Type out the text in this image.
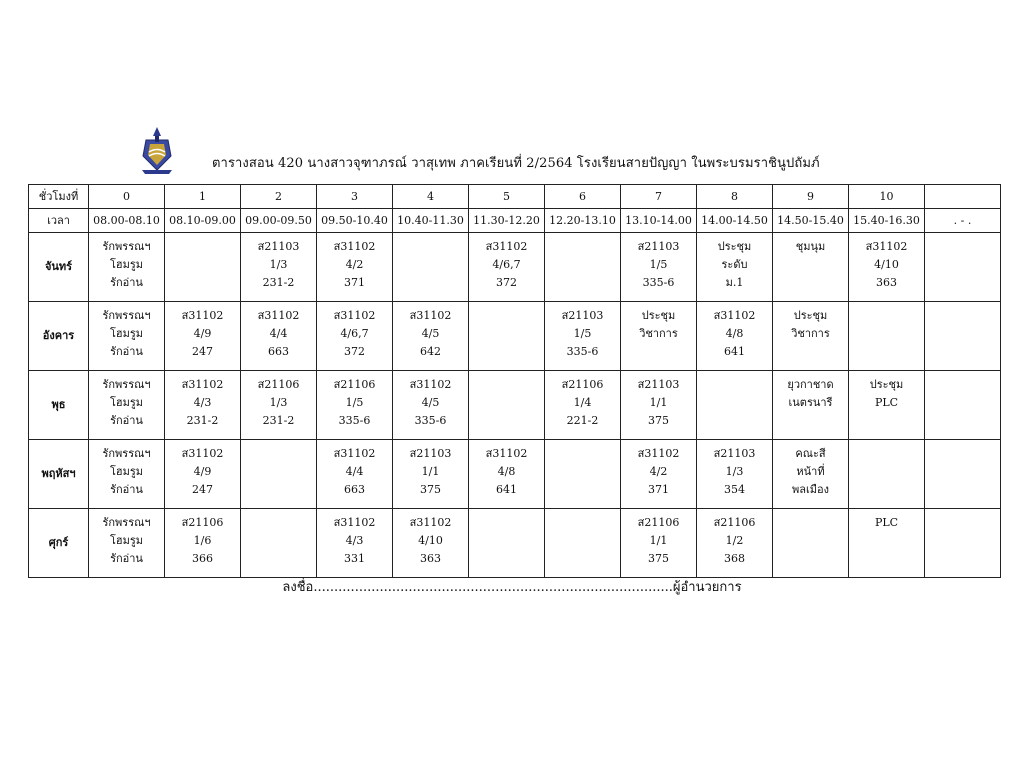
ตารางสอน 420 นางสาวจุฑาภรณ์ วาสุเทพ ภาคเรียนที่ 2/2564 โรงเรียนสายปัญญา ในพระบรมราชินูปถัมภ์
ชั่วโมงที่	0	1	2	3	4	5	6	7	8	9	10	
เวลา	08.00-08.10	08.10-09.00	09.00-09.50	09.50-10.40	10.40-11.30	11.30-12.20	12.20-13.10	13.10-14.00	14.00-14.50	14.50-15.40	15.40-16.30	. - .
จันทร์	รักพรรณฯ
โฮมรูม
รักอ่าน		ส21103
1/3
231-2	ส31102
4/2
371		ส31102
4/6,7
372		ส21103
1/5
335-6	ประชุม
ระดับ
ม.1	ชุมนุม	ส31102
4/10
363	

อังคาร	รักพรรณฯ
โฮมรูม
รักอ่าน	ส31102
4/9
247	ส31102
4/4
663	ส31102
4/6,7
372	ส31102
4/5
642		ส21103
1/5
335-6	ประชุม
วิชาการ	ส31102
4/8
641	ประชุม
วิชาการ		

พุธ	รักพรรณฯ
โฮมรูม
รักอ่าน	ส31102
4/3
231-2	ส21106
1/3
231-2	ส21106
1/5
335-6	ส31102
4/5
335-6		ส21106
1/4
221-2	ส21103
1/1
375		ยุวกาชาด
เนตรนารี	ประชุม
PLC	

พฤหัสฯ	รักพรรณฯ
โฮมรูม
รักอ่าน	ส31102
4/9
247		ส31102
4/4
663	ส21103
1/1
375	ส31102
4/8
641		ส31102
4/2
371	ส21103
1/3
354	คณะสี
หน้าที่
พลเมือง		

ศุกร์	รักพรรณฯ
โฮมรูม
รักอ่าน	ส21106
1/6
366		ส31102
4/3
331	ส31102
4/10
363			ส21106
1/1
375	ส21106
1/2
368		PLC	

ลงชื่อ.......................................................................................ผู้อำนวยการ
